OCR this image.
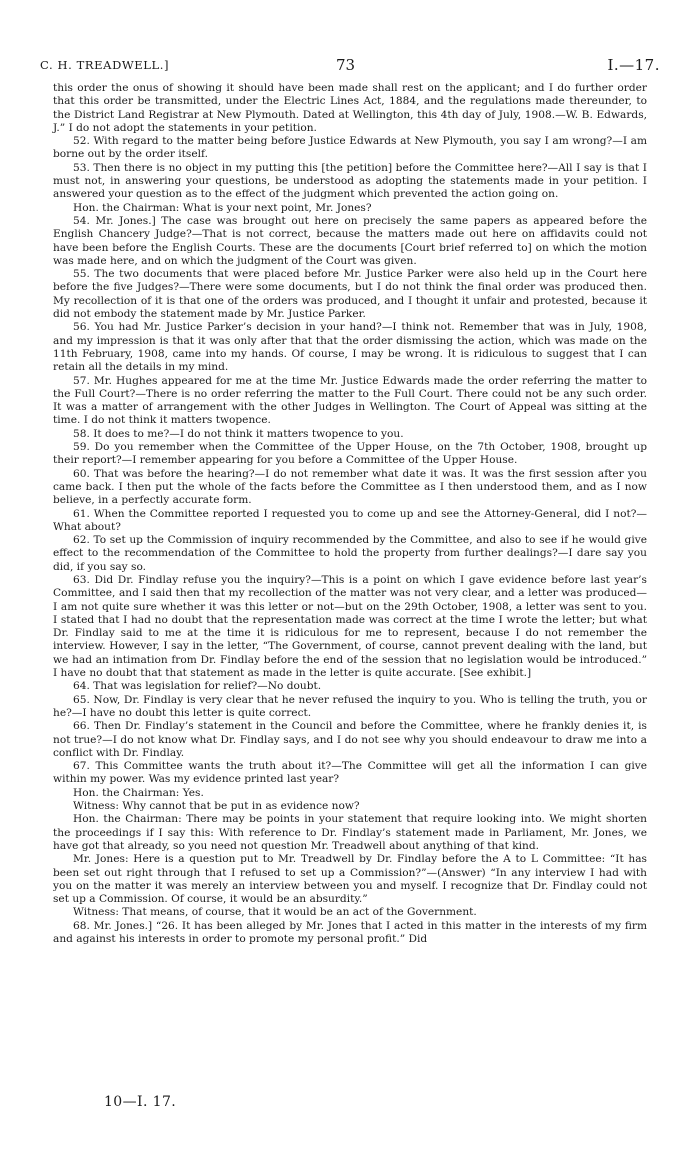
C. H. TREADWELL.]	73	I.—17.

this order the onus of showing it should have been made shall rest on the applicant; and I do further order that this order be transmitted, under the Electric Lines Act, 1884, and the regulations made thereunder, to the District Land Registrar at New Plymouth. Dated at Wellington, this 4th day of July, 1908.—W. B. Edwards, J.” I do not adopt the statements in your petition.

52. With regard to the matter being before Justice Edwards at New Plymouth, you say I am wrong?—I am borne out by the order itself.

53. Then there is no object in my putting this [the petition] before the Committee here?—All I say is that I must not, in answering your questions, be understood as adopting the statements made in your petition. I answered your question as to the effect of the judgment which prevented the action going on.

Hon. the Chairman: What is your next point, Mr. Jones?

54. Mr. Jones.] The case was brought out here on precisely the same papers as appeared before the English Chancery Judge?—That is not correct, because the matters made out here on affidavits could not have been before the English Courts. These are the documents [Court brief referred to] on which the motion was made here, and on which the judgment of the Court was given.

55. The two documents that were placed before Mr. Justice Parker were also held up in the Court here before the five Judges?—There were some documents, but I do not think the final order was produced then. My recollection of it is that one of the orders was produced, and I thought it unfair and protested, because it did not embody the statement made by Mr. Justice Parker.

56. You had Mr. Justice Parker’s decision in your hand?—I think not. Remember that was in July, 1908, and my impression is that it was only after that that the order dismissing the action, which was made on the 11th February, 1908, came into my hands. Of course, I may be wrong. It is ridiculous to suggest that I can retain all the details in my mind.

57. Mr. Hughes appeared for me at the time Mr. Justice Edwards made the order referring the matter to the Full Court?—There is no order referring the matter to the Full Court. There could not be any such order. It was a matter of arrangement with the other Judges in Wellington. The Court of Appeal was sitting at the time. I do not think it matters twopence.

58. It does to me?—I do not think it matters twopence to you.

59. Do you remember when the Committee of the Upper House, on the 7th October, 1908, brought up their report?—I remember appearing for you before a Committee of the Upper House.

60. That was before the hearing?—I do not remember what date it was. It was the first session after you came back. I then put the whole of the facts before the Committee as I then understood them, and as I now believe, in a perfectly accurate form.

61. When the Committee reported I requested you to come up and see the Attorney-General, did I not?—What about?

62. To set up the Commission of inquiry recommended by the Committee, and also to see if he would give effect to the recommendation of the Committee to hold the property from further dealings?—I dare say you did, if you say so.

63. Did Dr. Findlay refuse you the inquiry?—This is a point on which I gave evidence before last year’s Committee, and I said then that my recollection of the matter was not very clear, and a letter was produced—I am not quite sure whether it was this letter or not—but on the 29th October, 1908, a letter was sent to you. I stated that I had no doubt that the representation made was correct at the time I wrote the letter; but what Dr. Findlay said to me at the time it is ridiculous for me to represent, because I do not remember the interview. However, I say in the letter, “The Government, of course, cannot prevent dealing with the land, but we had an intimation from Dr. Findlay before the end of the session that no legislation would be introduced.” I have no doubt that that statement as made in the letter is quite accurate. [See exhibit.]

64. That was legislation for relief?—No doubt.

65. Now, Dr. Findlay is very clear that he never refused the inquiry to you. Who is telling the truth, you or he?—I have no doubt this letter is quite correct.

66. Then Dr. Findlay’s statement in the Council and before the Committee, where he frankly denies it, is not true?—I do not know what Dr. Findlay says, and I do not see why you should endeavour to draw me into a conflict with Dr. Findlay.

67. This Committee wants the truth about it?—The Committee will get all the information I can give within my power. Was my evidence printed last year?

Hon. the Chairman: Yes.

Witness: Why cannot that be put in as evidence now?

Hon. the Chairman: There may be points in your statement that require looking into. We might shorten the proceedings if I say this: With reference to Dr. Findlay’s statement made in Parliament, Mr. Jones, we have got that already, so you need not question Mr. Treadwell about anything of that kind.

Mr. Jones: Here is a question put to Mr. Treadwell by Dr. Findlay before the A to L Committee: “It has been set out right through that I refused to set up a Commission?”—(Answer) “In any interview I had with you on the matter it was merely an interview between you and myself. I recognize that Dr. Findlay could not set up a Commission. Of course, it would be an absurdity.”

Witness: That means, of course, that it would be an act of the Government.

68. Mr. Jones.] “26. It has been alleged by Mr. Jones that I acted in this matter in the interests of my firm and against his interests in order to promote my personal profit.” Did

10—I. 17.
